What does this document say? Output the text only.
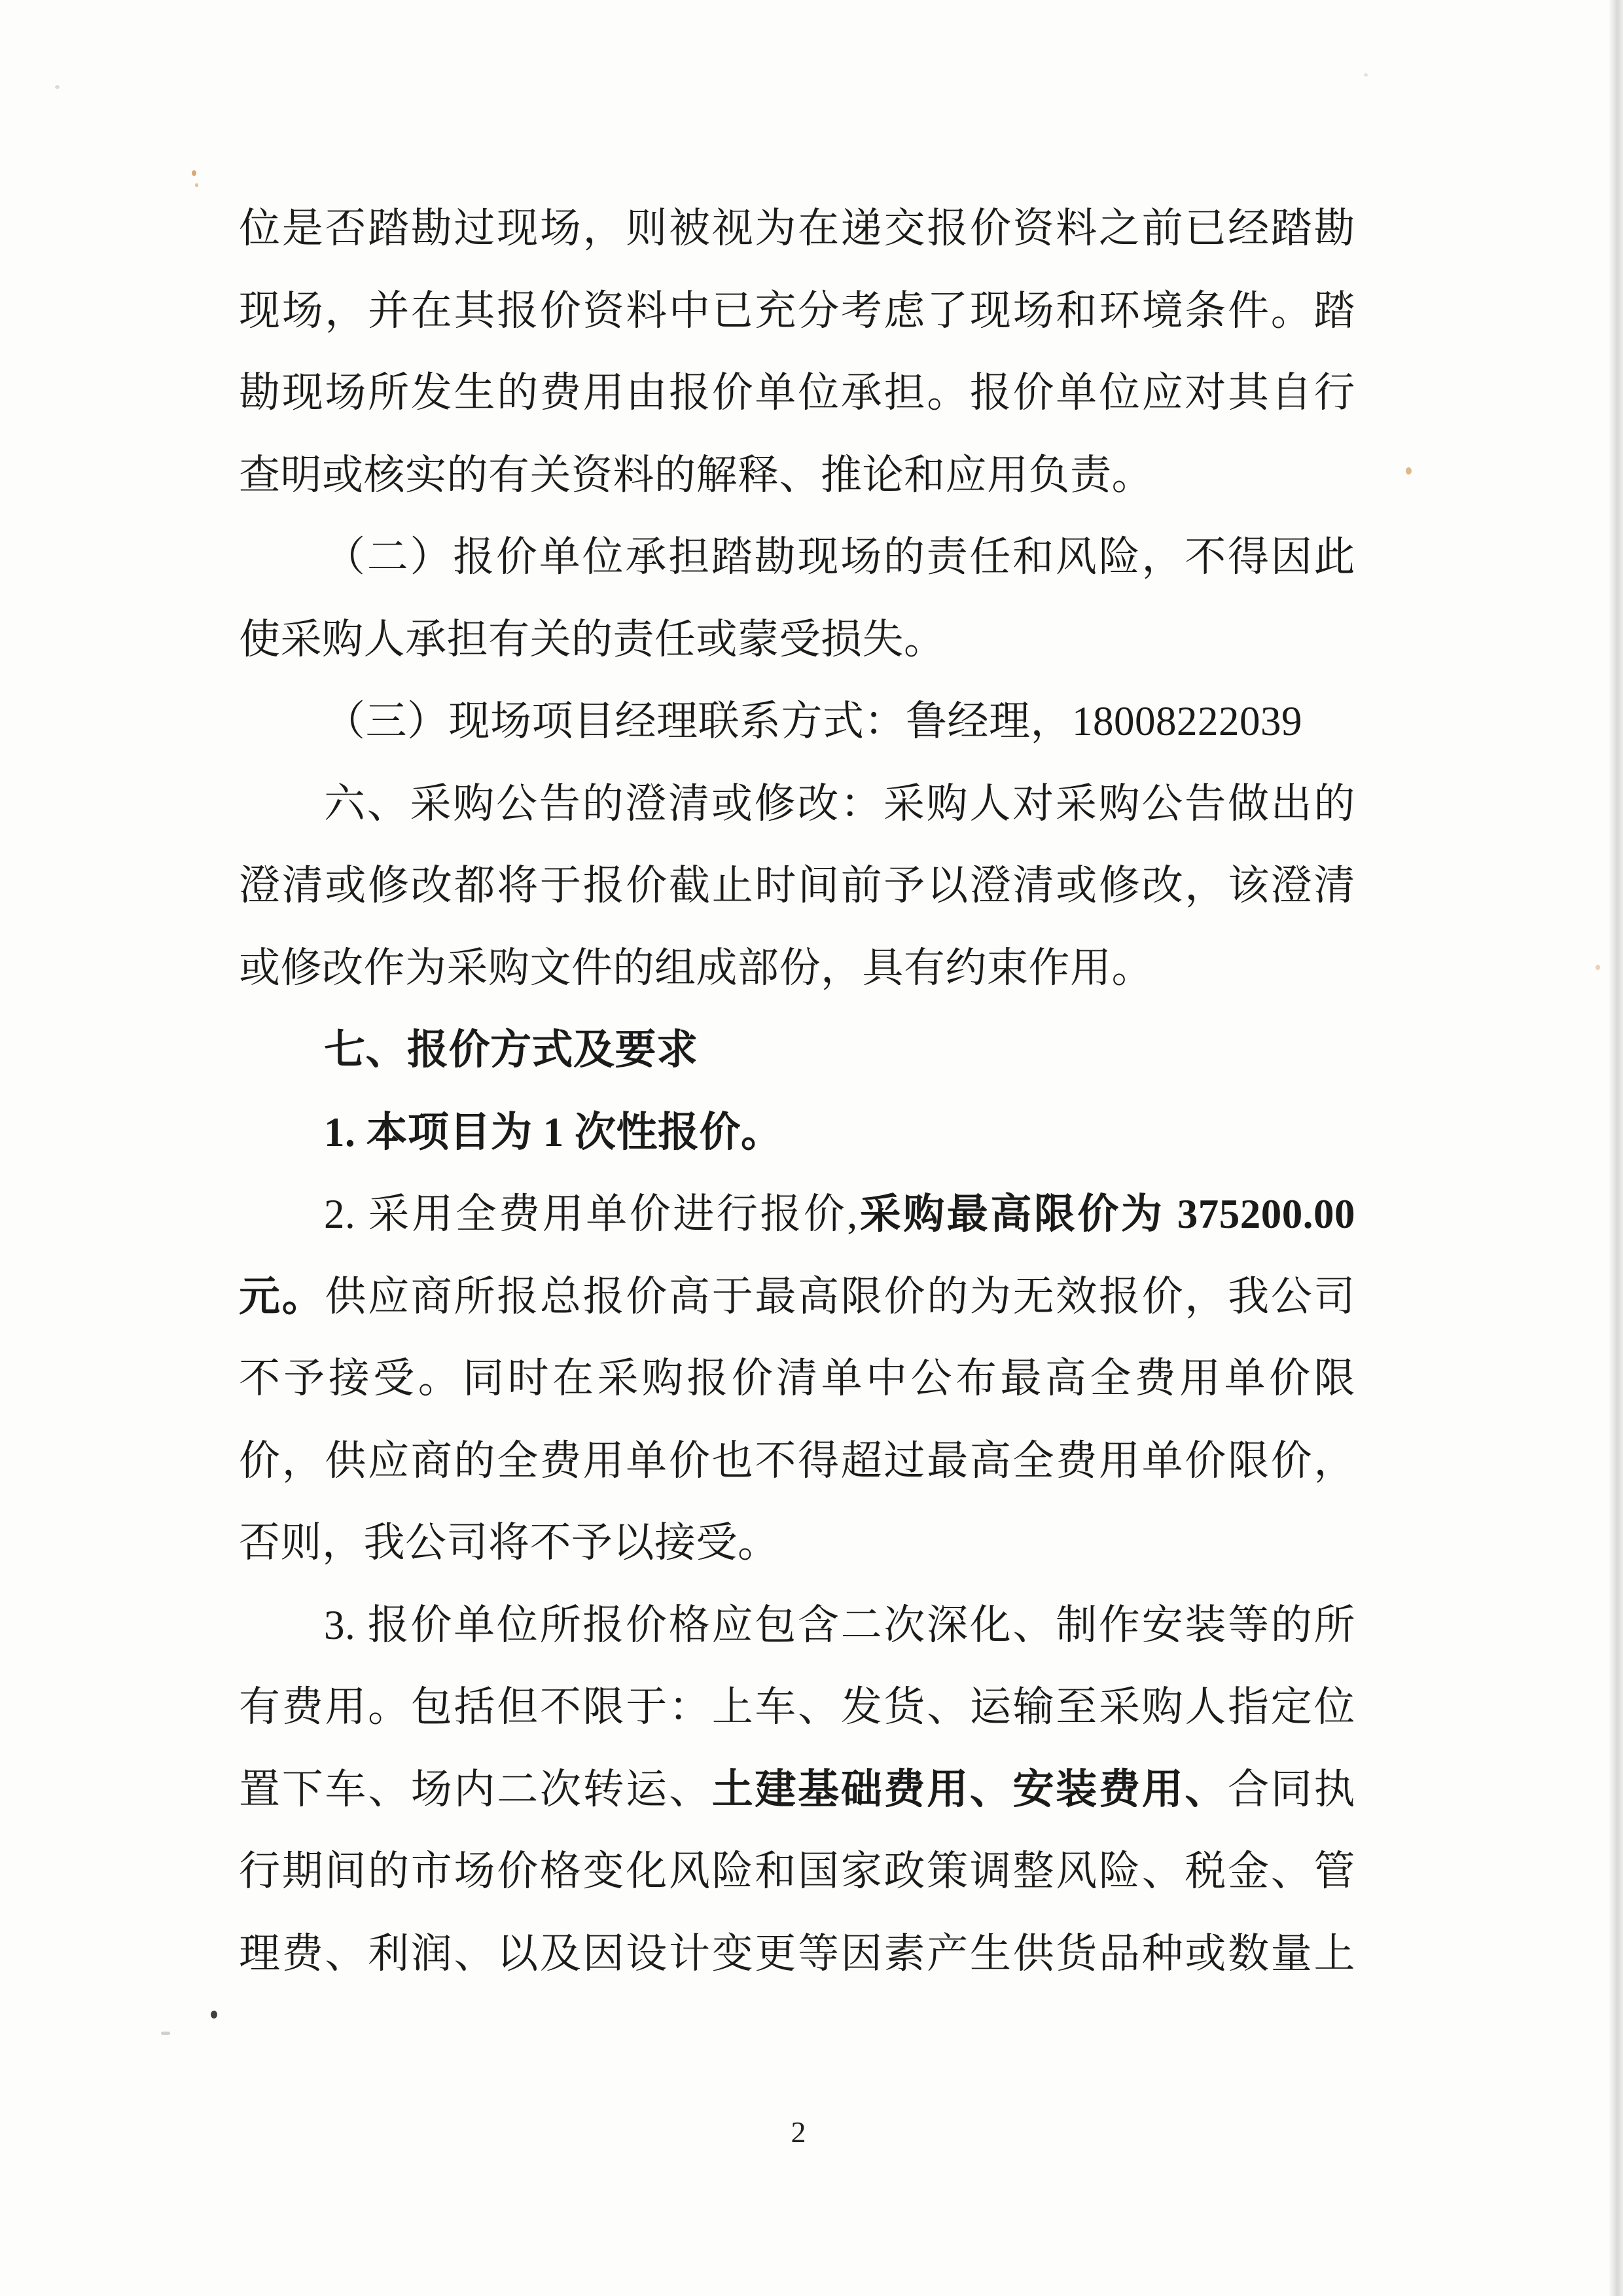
位是否踏勘过现场，则被视为在递交报价资料之前已经踏勘
现场，并在其报价资料中已充分考虑了现场和环境条件。踏
勘现场所发生的费用由报价单位承担。报价单位应对其自行
查明或核实的有关资料的解释、推论和应用负责。
（二）报价单位承担踏勘现场的责任和风险，不得因此
使采购人承担有关的责任或蒙受损失。
（三）现场项目经理联系方式：鲁经理，18008222039
六、采购公告的澄清或修改：采购人对采购公告做出的
澄清或修改都将于报价截止时间前予以澄清或修改，该澄清
或修改作为采购文件的组成部份，具有约束作用。
七、报价方式及要求
1. 本项目为 1 次性报价。
2. 采用全费用单价进行报价,采购最高限价为 375200.00
元。供应商所报总报价高于最高限价的为无效报价，我公司
不予接受。同时在采购报价清单中公布最高全费用单价限
价，供应商的全费用单价也不得超过最高全费用单价限价，
否则，我公司将不予以接受。
3. 报价单位所报价格应包含二次深化、制作安装等的所
有费用。包括但不限于：上车、发货、运输至采购人指定位
置下车、场内二次转运、土建基础费用、安装费用、合同执
行期间的市场价格变化风险和国家政策调整风险、税金、管
理费、利润、以及因设计变更等因素产生供货品种或数量上
2
